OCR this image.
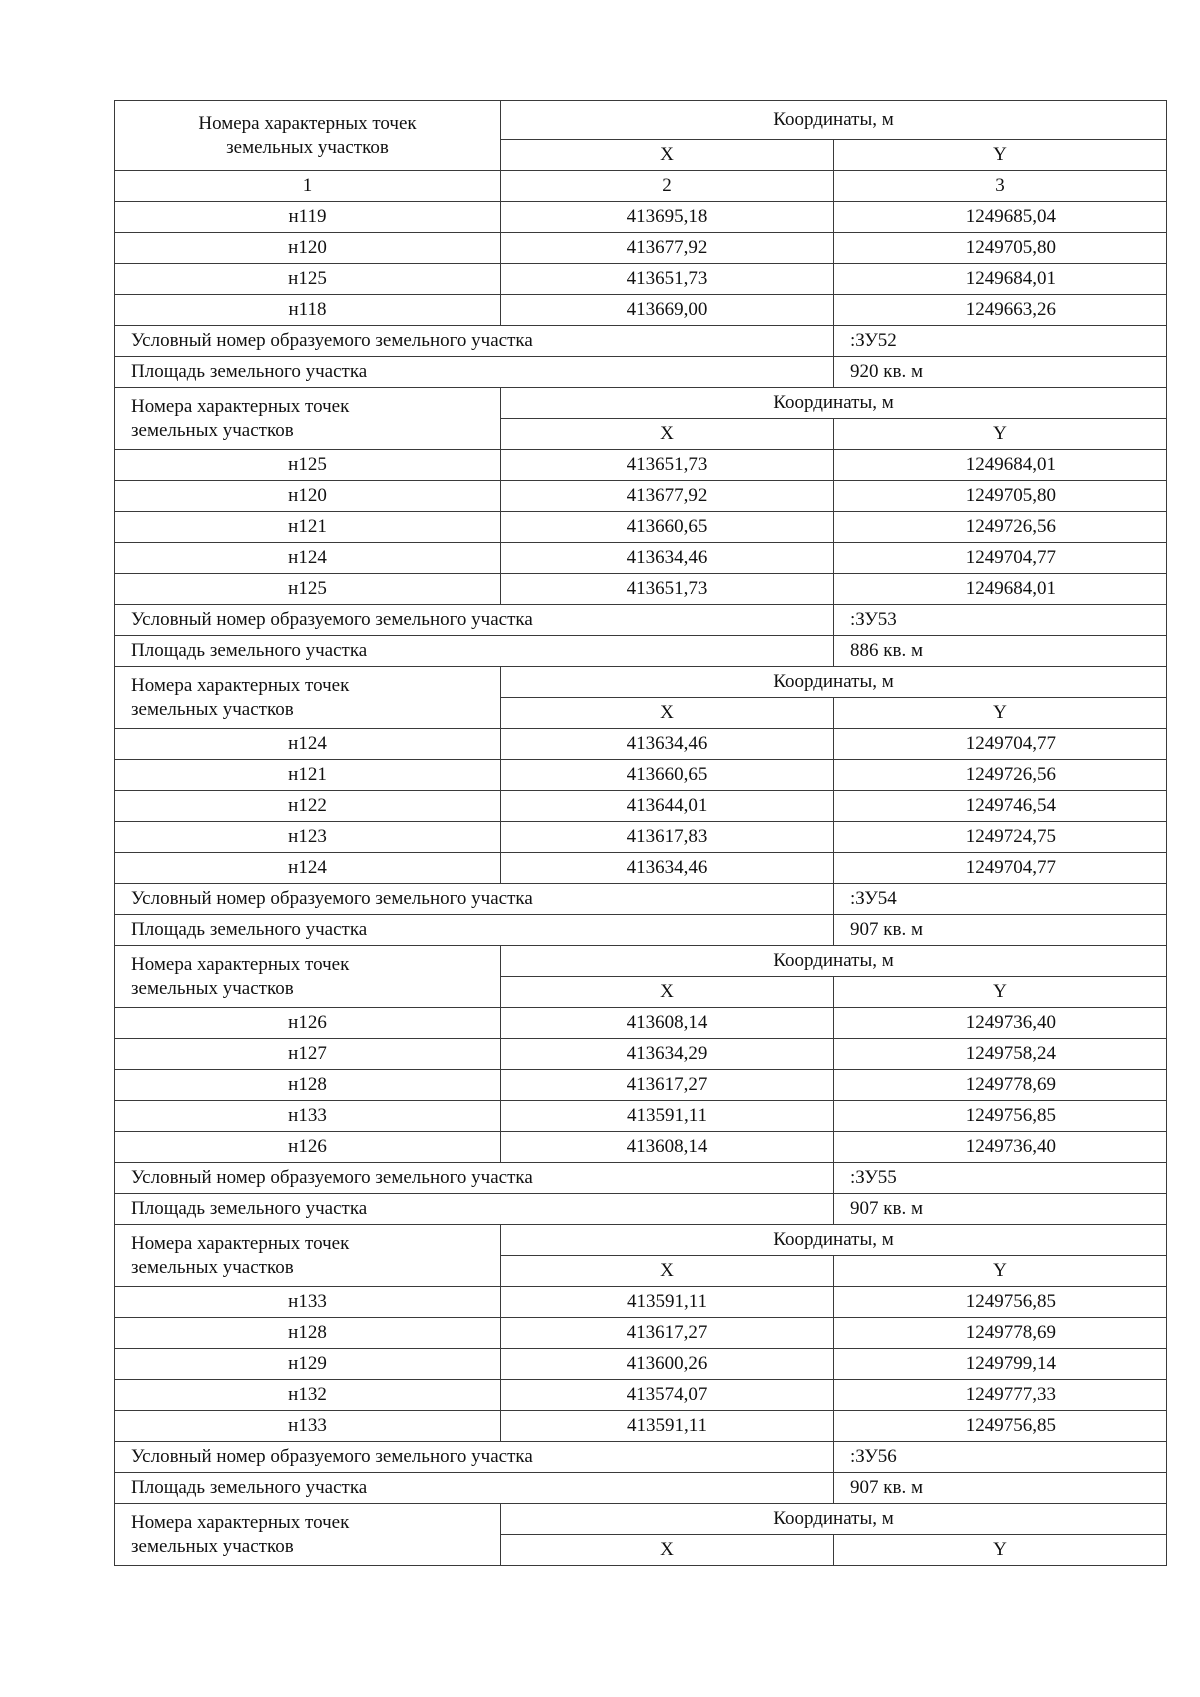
Номера характерных точек
земельных участков	Координаты, м	
	X	Y
1	2	3
н119	413695,18	1249685,04
н120	413677,92	1249705,80
н125	413651,73	1249684,01
н118	413669,00	1249663,26
Условный номер образуемого земельного участка		:ЗУ52
Площадь земельного участка		920 кв. м
Номера характерных точек
земельных участков	Координаты, м	
	X	Y
н125	413651,73	1249684,01
н120	413677,92	1249705,80
н121	413660,65	1249726,56
н124	413634,46	1249704,77
н125	413651,73	1249684,01
Условный номер образуемого земельного участка		:ЗУ53
Площадь земельного участка		886 кв. м
Номера характерных точек
земельных участков	Координаты, м	
	X	Y
н124	413634,46	1249704,77
н121	413660,65	1249726,56
н122	413644,01	1249746,54
н123	413617,83	1249724,75
н124	413634,46	1249704,77
Условный номер образуемого земельного участка		:ЗУ54
Площадь земельного участка		907 кв. м
Номера характерных точек
земельных участков	Координаты, м	
	X	Y
н126	413608,14	1249736,40
н127	413634,29	1249758,24
н128	413617,27	1249778,69
н133	413591,11	1249756,85
н126	413608,14	1249736,40
Условный номер образуемого земельного участка		:ЗУ55
Площадь земельного участка		907 кв. м
Номера характерных точек
земельных участков	Координаты, м	
	X	Y
н133	413591,11	1249756,85
н128	413617,27	1249778,69
н129	413600,26	1249799,14
н132	413574,07	1249777,33
н133	413591,11	1249756,85
Условный номер образуемого земельного участка		:ЗУ56
Площадь земельного участка		907 кв. м
Номера характерных точек
земельных участков	Координаты, м	
	X	Y
